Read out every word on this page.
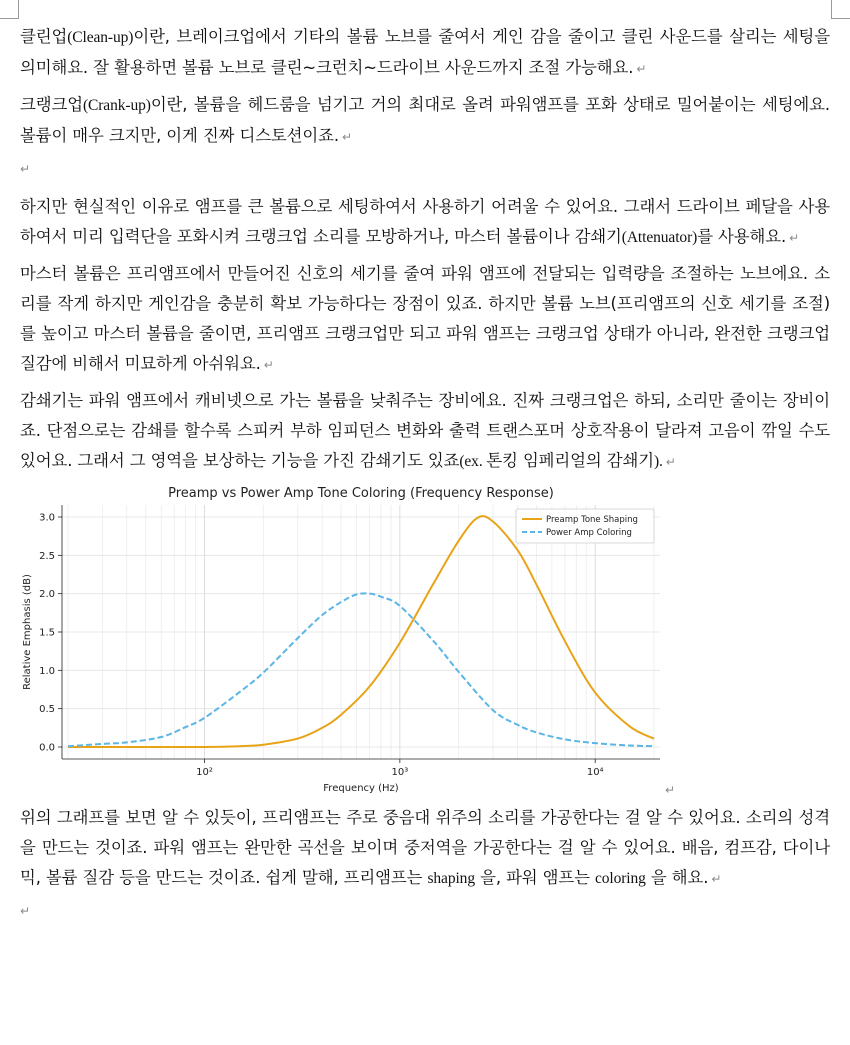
클린업(Clean-up)이란, 브레이크업에서 기타의 볼륨 노브를 줄여서 게인 감을 줄이고 클린 사운드를 살리는 세팅을 의미해요. 잘 활용하면 볼륨 노브로 클린~크런치~드라이브 사운드까지 조절 가능해요. ↵

크랭크업(Crank-up)이란, 볼륨을 헤드룸을 넘기고 거의 최대로 올려 파워앰프를 포화 상태로 밀어붙이는 세팅에요. 볼륨이 매우 크지만, 이게 진짜 디스토션이죠. ↵

↵

하지만 현실적인 이유로 앰프를 큰 볼륨으로 세팅하여서 사용하기 어려울 수 있어요. 그래서 드라이브 페달을 사용하여서 미리 입력단을 포화시켜 크랭크업 소리를 모방하거나, 마스터 볼륨이나 감쇄기(Attenuator)를 사용해요. ↵

마스터 볼륨은 프리앰프에서 만들어진 신호의 세기를 줄여 파워 앰프에 전달되는 입력량을 조절하는 노브에요. 소리를 작게 하지만 게인감을 충분히 확보 가능하다는 장점이 있죠. 하지만 볼륨 노브(프리앰프의 신호 세기를 조절)를 높이고 마스터 볼륨을 줄이면, 프리앰프 크랭크업만 되고 파워 앰프는 크랭크업 상태가 아니라, 완전한 크랭크업 질감에 비해서 미묘하게 아쉬워요. ↵

감쇄기는 파워 앰프에서 캐비넷으로 가는 볼륨을 낮춰주는 장비에요. 진짜 크랭크업은 하되, 소리만 줄이는 장비이죠. 단점으로는 감쇄를 할수록 스피커 부하 임피던스 변화와 출력 트랜스포머 상호작용이 달라져 고음이 깎일 수도 있어요. 그래서 그 영역을 보상하는 기능을 가진 감쇄기도 있죠(ex. 톤킹 임페리얼의 감쇄기). ↵

0.0
0.5
1.0
1.5
2.0
2.5
3.0
10²	10³	10⁴
Preamp vs Power Amp Tone Coloring (Frequency Response)
Frequency (Hz)
Relative Emphasis (dB)
Preamp Tone Shaping
Power Amp Coloring
↵

위의 그래프를 보면 알 수 있듯이, 프리앰프는 주로 중음대 위주의 소리를 가공한다는 걸 알 수 있어요. 소리의 성격을 만드는 것이죠. 파워 앰프는 완만한 곡선을 보이며 중저역을 가공한다는 걸 알 수 있어요. 배음, 컴프감, 다이나믹, 볼륨 질감 등을 만드는 것이죠. 쉽게 말해, 프리앰프는 shaping 을, 파워 앰프는 coloring 을 해요. ↵

↵
